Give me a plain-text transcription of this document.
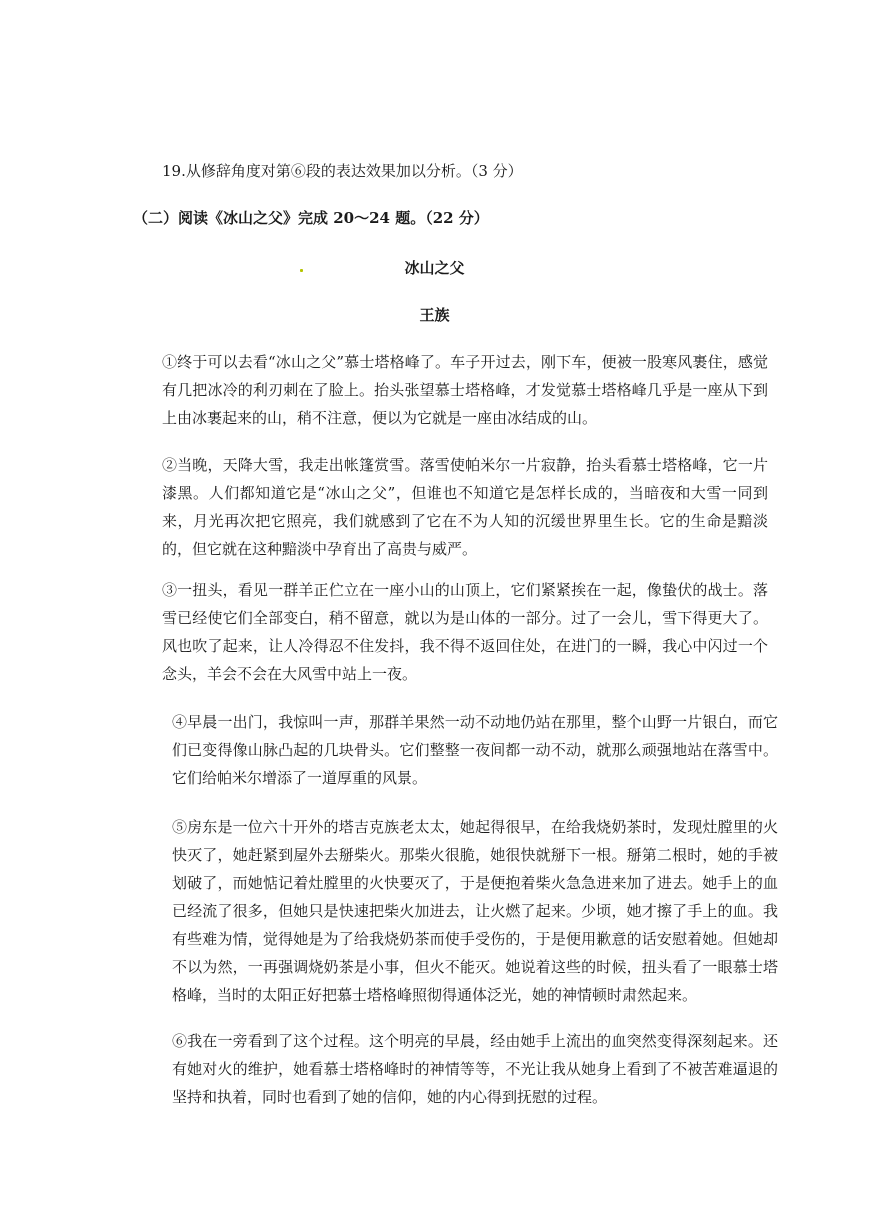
19.从修辞角度对第⑥段的表达效果加以分析。（3 分）
（二）阅读《冰山之父》完成 20～24 题。（22 分）
冰山之父
王族
①终于可以去看“冰山之父”慕士塔格峰了。车子开过去，刚下车，便被一股寒风裹住，感觉有几把冰冷的利刃刺在了脸上。抬头张望慕士塔格峰，才发觉慕士塔格峰几乎是一座从下到上由冰裹起来的山，稍不注意，便以为它就是一座由冰结成的山。
②当晚，天降大雪，我走出帐篷赏雪。落雪使帕米尔一片寂静，抬头看慕士塔格峰，它一片漆黑。人们都知道它是“冰山之父”，但谁也不知道它是怎样长成的，当暗夜和大雪一同到来，月光再次把它照亮，我们就感到了它在不为人知的沉缓世界里生长。它的生命是黯淡的，但它就在这种黯淡中孕育出了高贵与威严。
③一扭头，看见一群羊正伫立在一座小山的山顶上，它们紧紧挨在一起，像蛰伏的战士。落雪已经使它们全部变白，稍不留意，就以为是山体的一部分。过了一会儿，雪下得更大了。风也吹了起来，让人冷得忍不住发抖，我不得不返回住处，在进门的一瞬，我心中闪过一个念头，羊会不会在大风雪中站上一夜。
④早晨一出门，我惊叫一声，那群羊果然一动不动地仍站在那里，整个山野一片银白，而它们已变得像山脉凸起的几块骨头。它们整整一夜间都一动不动，就那么顽强地站在落雪中。它们给帕米尔增添了一道厚重的风景。
⑤房东是一位六十开外的塔吉克族老太太，她起得很早，在给我烧奶茶时，发现灶膛里的火快灭了，她赶紧到屋外去掰柴火。那柴火很脆，她很快就掰下一根。掰第二根时，她的手被划破了，而她惦记着灶膛里的火快要灭了，于是便抱着柴火急急进来加了进去。她手上的血已经流了很多，但她只是快速把柴火加进去，让火燃了起来。少顷，她才擦了手上的血。我有些难为情，觉得她是为了给我烧奶茶而使手受伤的，于是便用歉意的话安慰着她。但她却不以为然，一再强调烧奶茶是小事，但火不能灭。她说着这些的时候，扭头看了一眼慕士塔格峰，当时的太阳正好把慕士塔格峰照彻得通体泛光，她的神情顿时肃然起来。
⑥我在一旁看到了这个过程。这个明亮的早晨，经由她手上流出的血突然变得深刻起来。还有她对火的维护，她看慕士塔格峰时的神情等等，不光让我从她身上看到了不被苦难逼退的坚持和执着，同时也看到了她的信仰，她的内心得到抚慰的过程。
